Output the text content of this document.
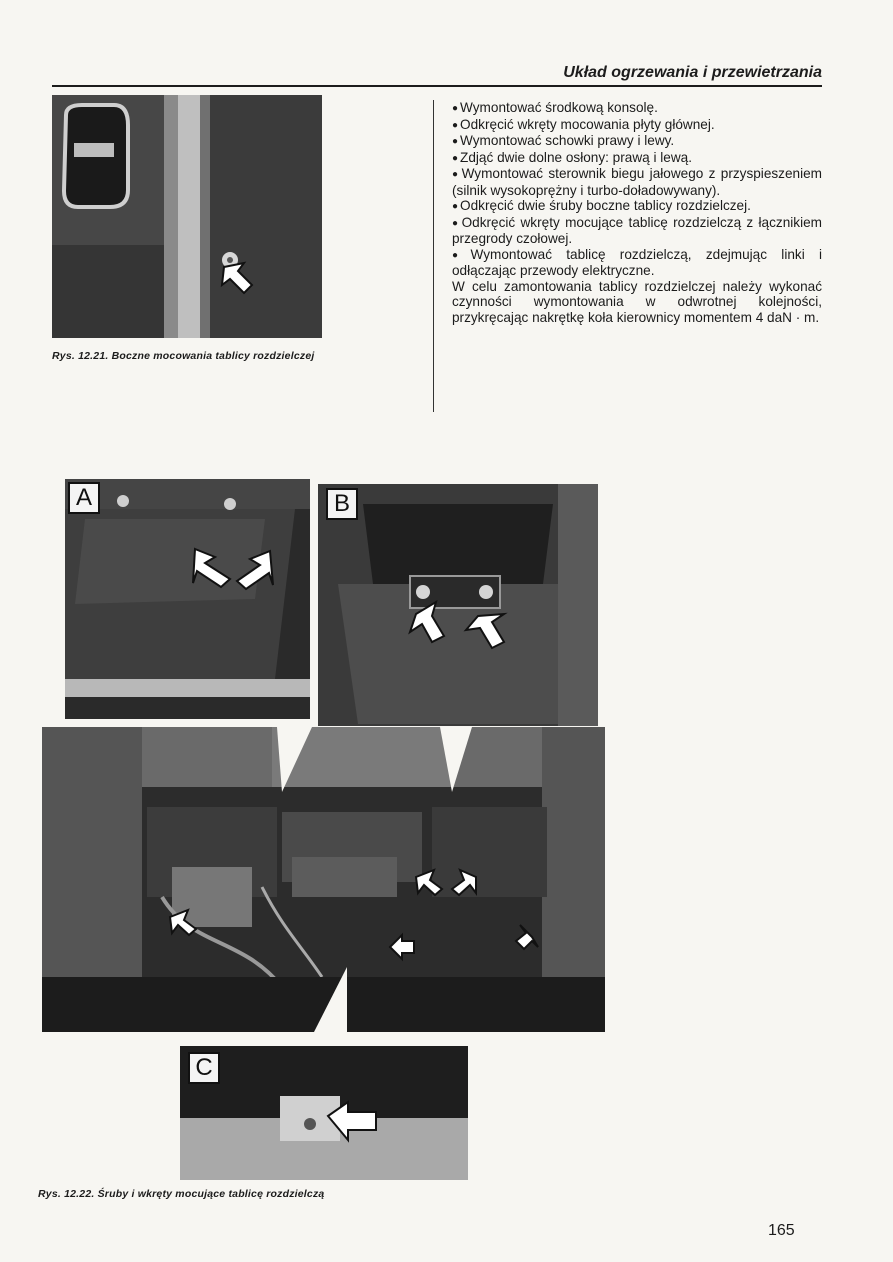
Układ ogrzewania i przewietrzania
Rys. 12.21. Boczne mocowania tablicy rozdzielczej

● Wymontować środkową konsolę.

● Odkręcić wkręty mocowania płyty głównej.

● Wymontować schowki prawy i lewy.

● Zdjąć dwie dolne osłony: prawą i lewą.

● Wymontować sterownik biegu jałowego z przyspieszeniem (silnik wysokoprężny i turbo-doładowywany).

● Odkręcić dwie śruby boczne tablicy rozdzielczej.

● Odkręcić wkręty mocujące tablicę rozdzielczą z łącznikiem przegrody czołowej.

● Wymontować tablicę rozdzielczą, zdejmując linki i odłączając przewody elektryczne.

W celu zamontowania tablicy rozdzielczej należy wykonać czynności wymontowania w odwrotnej kolejności, przykręcając nakrętkę koła kierownicy momentem 4 daN · m.

A	B
C
Rys. 12.22. Śruby i wkręty mocujące tablicę rozdzielczą
165
